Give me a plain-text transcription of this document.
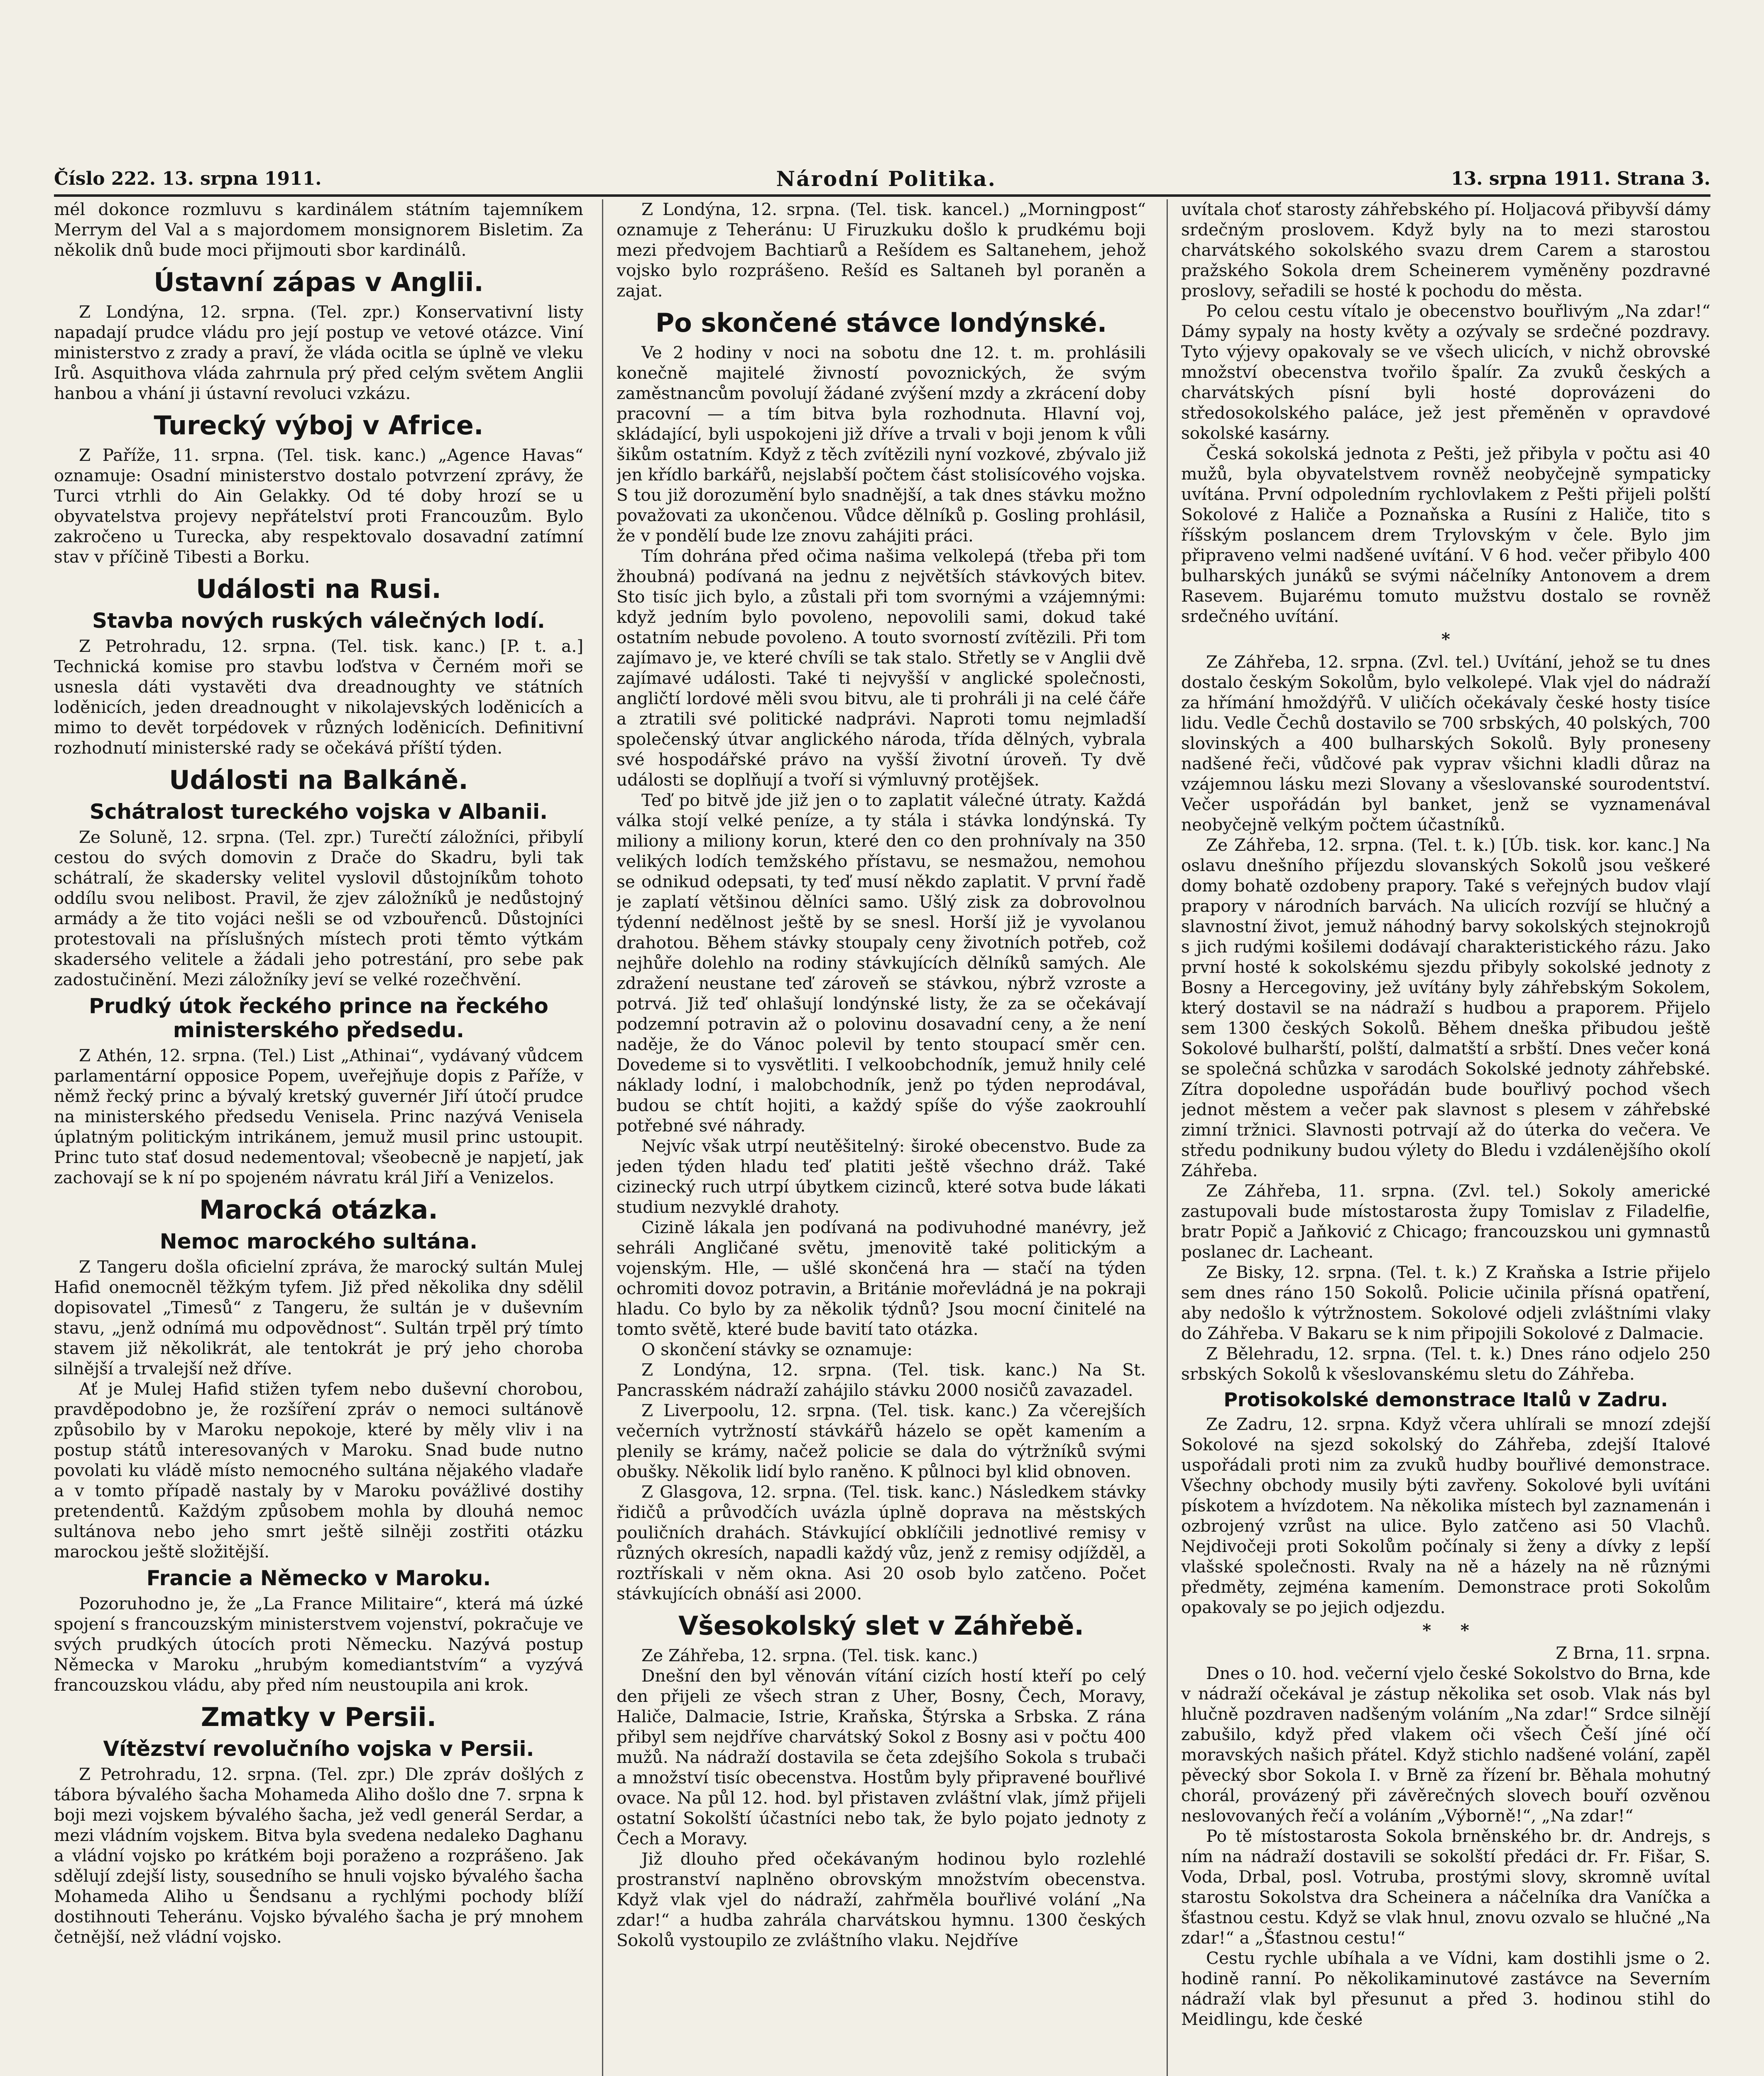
Číslo 222. 13. srpna 1911.	Národní Politika.	13. srpna 1911. Strana 3.

mél dokonce rozmluvu s kardinálem státním tajemníkem Merrym del Val a s majordomem monsignorem Bisletim. Za několik dnů bude moci přijmouti sbor kardinálů.

Ústavní zápas v Anglii.

Z Londýna, 12. srpna. (Tel. zpr.) Konservativní listy napadají prudce vládu pro její postup ve vetové otázce. Viní ministerstvo z zrady a praví, že vláda ocitla se úplně ve vleku Irů. Asquithova vláda zahrnula prý před celým světem Anglii hanbou a vhání ji ústavní revoluci vzkázu.

Turecký výboj v Africe.

Z Paříže, 11. srpna. (Tel. tisk. kanc.) „Agence Havas“ oznamuje: Osadní ministerstvo dostalo potvrzení zprávy, že Turci vtrhli do Ain Gelakky. Od té doby hrozí se u obyvatelstva projevy nepřátelství proti Francouzům. Bylo zakročeno u Turecka, aby respektovalo dosavadní zatímní stav v příčině Tibesti a Borku.

Události na Rusi.
Stavba nových ruských válečných lodí.

Z Petrohradu, 12. srpna. (Tel. tisk. kanc.) [P. t. a.] Technická komise pro stavbu loďstva v Černém moři se usnesla dáti vystavěti dva dreadnoughty ve státních loděnicích, jeden dreadnought v nikolajevských loděnicích a mimo to devět torpédovek v různých loděnicích. Definitivní rozhodnutí ministerské rady se očekává příští týden.

Události na Balkáně.
Schátralost tureckého vojska v Albanii.

Ze Soluně, 12. srpna. (Tel. zpr.) Turečtí záložníci, přibylí cestou do svých domovin z Drače do Skadru, byli tak schátralí, že skadersky velitel vyslovil důstojníkům tohoto oddílu svou nelibost. Pravil, že zjev záložníků je nedůstojný armády a že tito vojáci nešli se od vzbouřenců. Důstojníci protestovali na příslušných místech proti těmto výtkám skadersého velitele a žádali jeho potrestání, pro sebe pak zadostučinění. Mezi záložníky jeví se velké rozečhvění.

Prudký útok řeckého prince na řeckého ministerského předsedu.

Z Athén, 12. srpna. (Tel.) List „Athinai“, vydávaný vůdcem parlamentární opposice Popem, uveřejňuje dopis z Paříže, v němž řecký princ a bývalý kretský guvernér Jiří útočí prudce na ministerského předsedu Venisela. Princ nazývá Venisela úplatným politickým intrikánem, jemuž musil princ ustoupit. Princ tuto stať dosud nedementoval; všeobecně je napjetí, jak zachovají se k ní po spojeném návratu král Jiří a Venizelos.

Marocká otázka.
Nemoc marockého sultána.

Z Tangeru došla oficielní zpráva, že marocký sultán Mulej Hafid onemocněl těžkým tyfem. Již před několika dny sdělil dopisovatel „Timesů“ z Tangeru, že sultán je v duševním stavu, „jenž odnímá mu odpovědnost“. Sultán trpěl prý tímto stavem již několikrát, ale tentokrát je prý jeho choroba silnější a trvalejší než dříve.

Ať je Mulej Hafid stižen tyfem nebo duševní chorobou, pravděpodobno je, že rozšíření zpráv o nemoci sultánově způsobilo by v Maroku nepokoje, které by měly vliv i na postup států interesovaných v Maroku. Snad bude nutno povolati ku vládě místo nemocného sultána nějakého vladaře a v tomto případě nastaly by v Maroku povážlivé dostihy pretendentů. Každým způsobem mohla by dlouhá nemoc sultánova nebo jeho smrt ještě silněji zostřiti otázku marockou ještě složitější.

Francie a Německo v Maroku.

Pozoruhodno je, že „La France Militaire“, která má úzké spojení s francouzským ministerstvem vojenství, pokračuje ve svých prudkých útocích proti Německu. Nazývá postup Německa v Maroku „hrubým komediantstvím“ a vyzývá francouzskou vládu, aby před ním neustoupila ani krok.

Zmatky v Persii.
Vítězství revolučního vojska v Persii.

Z Petrohradu, 12. srpna. (Tel. zpr.) Dle zpráv došlých z tábora bývalého šacha Mohameda Aliho došlo dne 7. srpna k boji mezi vojskem bývalého šacha, jež vedl generál Serdar, a mezi vládním vojskem. Bitva byla svedena nedaleko Daghanu a vládní vojsko po krátkém boji poraženo a rozprášeno. Jak sdělují zdejší listy, sousedního se hnuli vojsko bývalého šacha Mohameda Aliho u Šendsanu a rychlými pochody blíží dostihnouti Teheránu. Vojsko bývalého šacha je prý mnohem četnější, než vládní vojsko.

Z Londýna, 12. srpna. (Tel. tisk. kancel.) „Morningpost“ oznamuje z Teheránu: U Firuzkuku došlo k prudkému boji mezi předvojem Bachtiarů a Rešídem es Saltanehem, jehož vojsko bylo rozprášeno. Rešíd es Saltaneh byl poraněn a zajat.

Po skončené stávce londýnské.

Ve 2 hodiny v noci na sobotu dne 12. t. m. prohlásili konečně majitelé živností povoznických, že svým zaměstnancům povolují žádané zvýšení mzdy a zkrácení doby pracovní — a tím bitva byla rozhodnuta. Hlavní voj, skládající, byli uspokojeni již dříve a trvali v boji jenom k vůli šikům ostatním. Když z těch zvítězili nyní vozkové, zbývalo již jen křídlo barkářů, nejslabší počtem část stolisícového vojska. S tou již dorozumění bylo snadnější, a tak dnes stávku možno považovati za ukončenou. Vůdce dělníků p. Gosling prohlásil, že v pondělí bude lze znovu zahájiti práci.

Tím dohrána před očima našima velkolepá (třeba při tom žhoubná) podívaná na jednu z největších stávkových bitev. Sto tisíc jich bylo, a zůstali při tom svornými a vzájemnými: když jedním bylo povoleno, nepovolili sami, dokud také ostatním nebude povoleno. A touto svorností zvítězili. Při tom zajímavo je, ve které chvíli se tak stalo. Střetly se v Anglii dvě zajímavé události. Také ti nejvyšší v anglické společnosti, angličtí lordové měli svou bitvu, ale ti prohráli ji na celé čáře a ztratili své politické nadprávi. Naproti tomu nejmladší společenský útvar anglického národa, třída dělných, vybrala své hospodářské právo na vyšší životní úroveň. Ty dvě události se doplňují a tvoří si výmluvný protějšek.

Teď po bitvě jde již jen o to zaplatit válečné útraty. Každá válka stojí velké peníze, a ty stála i stávka londýnská. Ty miliony a miliony korun, které den co den prohnívaly na 350 velikých lodích temžského přístavu, se nesmažou, nemohou se odnikud odepsati, ty teď musí někdo zaplatit. V první řadě je zaplatí většinou dělníci samo. Ušlý zisk za dobrovolnou týdenní nedělnost ještě by se snesl. Horší již je vyvolanou drahotou. Během stávky stoupaly ceny životních potřeb, což nejhůře dolehlo na rodiny stávkujících dělníků samých. Ale zdražení neustane teď zároveň se stávkou, nýbrž vzroste a potrvá. Již teď ohlašují londýnské listy, že za se očekávají podzemní potravin až o polovinu dosavadní ceny, a že není naděje, že do Vánoc polevil by tento stoupací směr cen. Dovedeme si to vysvětliti. I velkoobchodník, jemuž hnily celé náklady lodní, i malobchodník, jenž po týden neprodával, budou se chtít hojiti, a každý spíše do výše zaokrouhlí potřebné své náhrady.

Nejvíc však utrpí neutěšitelný: široké obecenstvo. Bude za jeden týden hladu teď platiti ještě všechno dráž. Také cizinecký ruch utrpí úbytkem cizinců, které sotva bude lákati studium nezvyklé drahoty.

Cizině lákala jen podívaná na podivuhodné manévry, jež sehráli Angličané světu, jmenovitě také politickým a vojenským. Hle, — ušlé skončená hra — stačí na týden ochromiti dovoz potravin, a Británie mořevládná je na pokraji hladu. Co bylo by za několik týdnů? Jsou mocní činitelé na tomto světě, které bude bavití tato otázka.

O skončení stávky se oznamuje:

Z Londýna, 12. srpna. (Tel. tisk. kanc.) Na St. Pancrasském nádraží zahájilo stávku 2000 nosičů zavazadel.

Z Liverpoolu, 12. srpna. (Tel. tisk. kanc.) Za včerejších večerních vytržností stávkářů házelo se opět kamením a plenily se krámy, načež policie se dala do výtržníků svými obušky. Několik lidí bylo raněno. K půlnoci byl klid obnoven.

Z Glasgova, 12. srpna. (Tel. tisk. kanc.) Následkem stávky řidičů a průvodčích uvázla úplně doprava na městských pouličních drahách. Stávkující obklíčili jednotlivé remisy v různých okresích, napadli každý vůz, jenž z remisy odjížděl, a roztřískali v něm okna. Asi 20 osob bylo zatčeno. Počet stávkujících obnáší asi 2000.

Všesokolský slet v Záhřebě.

Ze Záhřeba, 12. srpna. (Tel. tisk. kanc.)

Dnešní den byl věnován vítání cizích hostí kteří po celý den přijeli ze všech stran z Uher, Bosny, Čech, Moravy, Haliče, Dalmacie, Istrie, Kraňska, Štýrska a Srbska. Z rána přibyl sem nejdříve charvátský Sokol z Bosny asi v počtu 400 mužů. Na nádraží dostavila se četa zdejšího Sokola s trubači a množství tisíc obecenstva. Hostům byly připravené bouřlivé ovace. Na půl 12. hod. byl přistaven zvláštní vlak, jímž přijeli ostatní Sokolští účastníci nebo tak, že bylo pojato jednoty z Čech a Moravy.

Již dlouho před očekávaným hodinou bylo rozlehlé prostranství naplněno obrovským množstvím obecenstva. Když vlak vjel do nádraží, zahřměla bouřlivé volání „Na zdar!“ a hudba zahrála charvátskou hymnu. 1300 českých Sokolů vystoupilo ze zvláštního vlaku. Nejdříve

uvítala choť starosty záhřebského pí. Holjacová přibyvší dámy srdečným proslovem. Když byly na to mezi starostou charvátského sokolského svazu drem Carem a starostou pražského Sokola drem Scheinerem vyměněny pozdravné proslovy, seřadili se hosté k pochodu do města.

Po celou cestu vítalo je obecenstvo bouřlivým „Na zdar!“ Dámy sypaly na hosty květy a ozývaly se srdečné pozdravy. Tyto výjevy opakovaly se ve všech ulicích, v nichž obrovské množství obecenstva tvořilo špalír. Za zvuků českých a charvátských písní byli hosté doprovázeni do středosokolského paláce, jež jest přeměněn v opravdové sokolské kasárny.

Česká sokolská jednota z Pešti, jež přibyla v počtu asi 40 mužů, byla obyvatelstvem rovněž neobyčejně sympaticky uvítána. První odpoledním rychlovlakem z Pešti přijeli polští Sokolové z Haliče a Poznaňska a Rusíni z Haliče, tito s říšským poslancem drem Trylovským v čele. Bylo jim připraveno velmi nadšené uvítání. V 6 hod. večer přibylo 400 bulharských junáků se svými náčelníky Antonovem a drem Rasevem. Bujarému tomuto mužstvu dostalo se rovněž srdečného uvítání.

*

Ze Záhřeba, 12. srpna. (Zvl. tel.) Uvítání, jehož se tu dnes dostalo českým Sokolům, bylo velkolepé. Vlak vjel do nádraží za hřímání hmoždýřů. V uličích očekávaly české hosty tisíce lidu. Vedle Čechů dostavilo se 700 srbských, 40 polských, 700 slovinských a 400 bulharských Sokolů. Byly proneseny nadšené řeči, vůdčové pak vyprav všichni kladli důraz na vzájemnou lásku mezi Slovany a všeslovanské sourodentství. Večer uspořádán byl banket, jenž se vyznamenával neobyčejně velkým počtem účastníků.

Ze Záhřeba, 12. srpna. (Tel. t. k.) [Úb. tisk. kor. kanc.] Na oslavu dnešního příjezdu slovanských Sokolů jsou veškeré domy bohatě ozdobeny prapory. Také s veřejných budov vlají prapory v národních barvách. Na ulicích rozvíjí se hlučný a slavnostní život, jemuž náhodný barvy sokolských stejnokrojů s jich rudými košilemi dodávají charakteristického rázu. Jako první hosté k sokolskému sjezdu přibyly sokolské jednoty z Bosny a Hercegoviny, jež uvítány byly záhřebským Sokolem, který dostavil se na nádraží s hudbou a praporem. Přijelo sem 1300 českých Sokolů. Během dneška přibudou ještě Sokolové bulharští, polští, dalmatští a srbští. Dnes večer koná se společná schůzka v sarodách Sokolské jednoty záhřebské. Zítra dopoledne uspořádán bude bouřlivý pochod všech jednot městem a večer pak slavnost s plesem v záhřebské zimní tržnici. Slavnosti potrvají až do úterka do večera. Ve středu podnikuny budou výlety do Bledu i vzdálenějšího okolí Záhřeba.

Ze Záhřeba, 11. srpna. (Zvl. tel.) Sokoly americké zastupovali bude místostarosta župy Tomislav z Filadelfie, bratr Popič a Jaňković z Chicago; francouzskou uni gymnastů poslanec dr. Lacheant.

Ze Bisky, 12. srpna. (Tel. t. k.) Z Kraňska a Istrie přijelo sem dnes ráno 150 Sokolů. Policie učinila přísná opatření, aby nedošlo k výtržnostem. Sokolové odjeli zvláštními vlaky do Záhřeba. V Bakaru se k nim připojili Sokolové z Dalmacie.

Z Bělehradu, 12. srpna. (Tel. t. k.) Dnes ráno odjelo 250 srbských Sokolů k všeslovanskému sletu do Záhřeba.

Protisokolské demonstrace Italů v Zadru.

Ze Zadru, 12. srpna. Když včera uhlírali se mnozí zdejší Sokolové na sjezd sokolský do Záhřeba, zdejší Italové uspořádali proti nim za zvuků hudby bouřlivé demonstrace. Všechny obchody musily býti zavřeny. Sokolové byli uvítáni pískotem a hvízdotem. Na několika místech byl zaznamenán i ozbrojený vzrůst na ulice. Bylo zatčeno asi 50 Vlachů. Nejdivočeji proti Sokolům počínaly si ženy a dívky z lepší vlašské společnosti. Rvaly na ně a házely na ně různými předměty, zejména kamením. Demonstrace proti Sokolům opakovaly se po jejich odjezdu.

*     *

Z Brna, 11. srpna.

Dnes o 10. hod. večerní vjelo české Sokolstvo do Brna, kde v nádraží očekával je zástup několika set osob. Vlak nás byl hlučně pozdraven nadšeným voláním „Na zdar!“ Srdce silnějí zabušilo, když před vlakem oči všech Češí jíné očí moravských našich přátel. Když stichlo nadšené volání, zapěl pěvecký sbor Sokola I. v Brně za řízení br. Běhala mohutný chorál, provázený při závěrečných slovech bouří ozvěnou neslovovaných řečí a voláním „Výborně!“, „Na zdar!“

Po tě místostarosta Sokola brněnského br. dr. Andrejs, s ním na nádraží dostavili se sokolští předáci dr. Fr. Fišar, S. Voda, Drbal, posl. Votruba, prostými slovy, skromně uvítal starostu Sokolstva dra Scheinera a náčelníka dra Vaníčka a šťastnou cestu. Když se vlak hnul, znovu ozvalo se hlučné „Na zdar!“ a „Šťastnou cestu!“

Cestu rychle ubíhala a ve Vídni, kam dostihli jsme o 2. hodině ranní. Po několikaminutové zastávce na Severním nádraží vlak byl přesunut a před 3. hodinou stihl do Meidlingu, kde české
